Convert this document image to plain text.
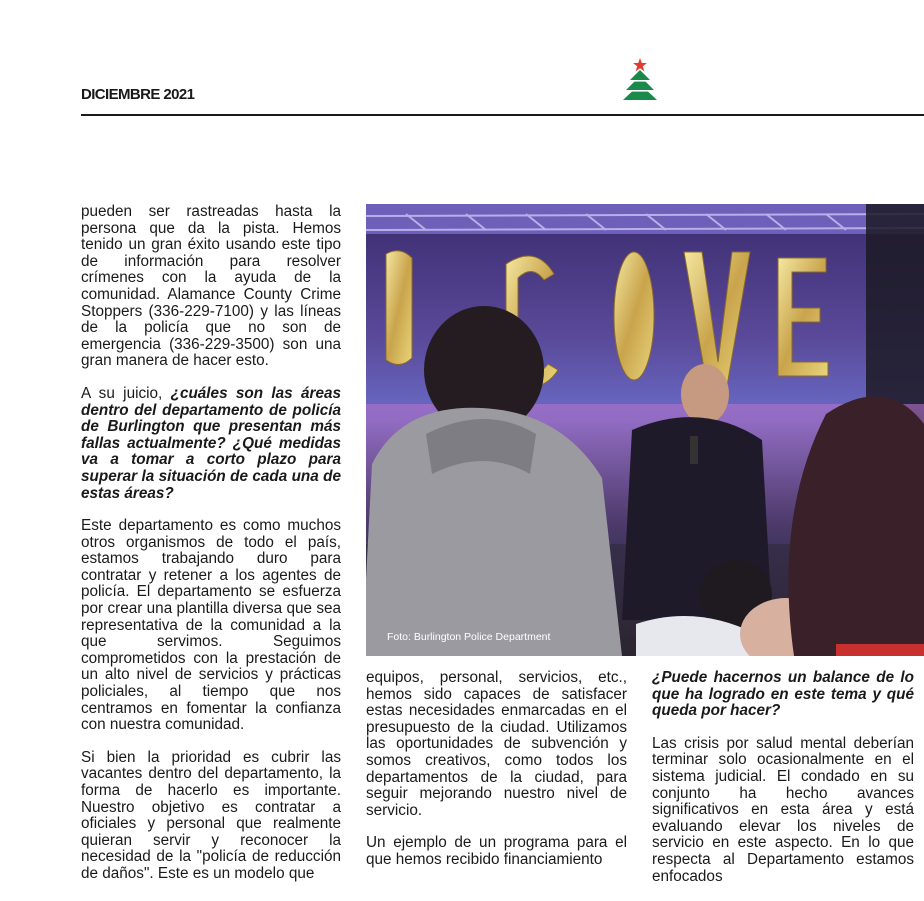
DICIEMBRE 2021

pueden ser rastreadas hasta la persona que da la pista. Hemos tenido un gran éxito usando este tipo de información para resolver crímenes con la ayuda de la comunidad. Alamance County Crime Stoppers (336-229-7100) y las líneas de la policía que no son de emergencia (336-229-3500) son una gran manera de hacer esto.

A su juicio, ¿cuáles son las áreas dentro del departamento de policía de Burlington que presentan más fallas actualmente? ¿Qué medidas va a tomar a corto plazo para superar la situación de cada una de estas áreas?

Este departamento es como muchos otros organismos de todo el país, estamos trabajando duro para contratar y retener a los agentes de policía. El departamento se esfuerza por crear una plantilla diversa que sea representativa de la comunidad a la que servimos. Seguimos comprometidos con la prestación de un alto nivel de servicios y prácticas policiales, al tiempo que nos centramos en fomentar la confianza con nuestra comunidad.

Si bien la prioridad es cubrir las vacantes dentro del departamento, la forma de hacerlo es importante. Nuestro objetivo es contratar a oficiales y personal que realmente quieran servir y reconocer la necesidad de la "policía de reducción de daños". Este es un modelo que

Foto: Burlington Police Department

equipos, personal, servicios, etc., hemos sido capaces de satisfacer estas necesidades enmarcadas en el presupuesto de la ciudad. Utilizamos las oportunidades de subvención y somos creativos, como todos los departamentos de la ciudad, para seguir mejorando nuestro nivel de servicio.

Un ejemplo de un programa para el que hemos recibido financiamiento

¿Puede hacernos un balance de lo que ha logrado en este tema y qué queda por hacer?

Las crisis por salud mental deberían terminar solo ocasionalmente en el sistema judicial. El condado en su conjunto ha hecho avances significativos en esta área y está evaluando elevar los niveles de servicio en este aspecto. En lo que respecta al Departamento estamos enfocados
